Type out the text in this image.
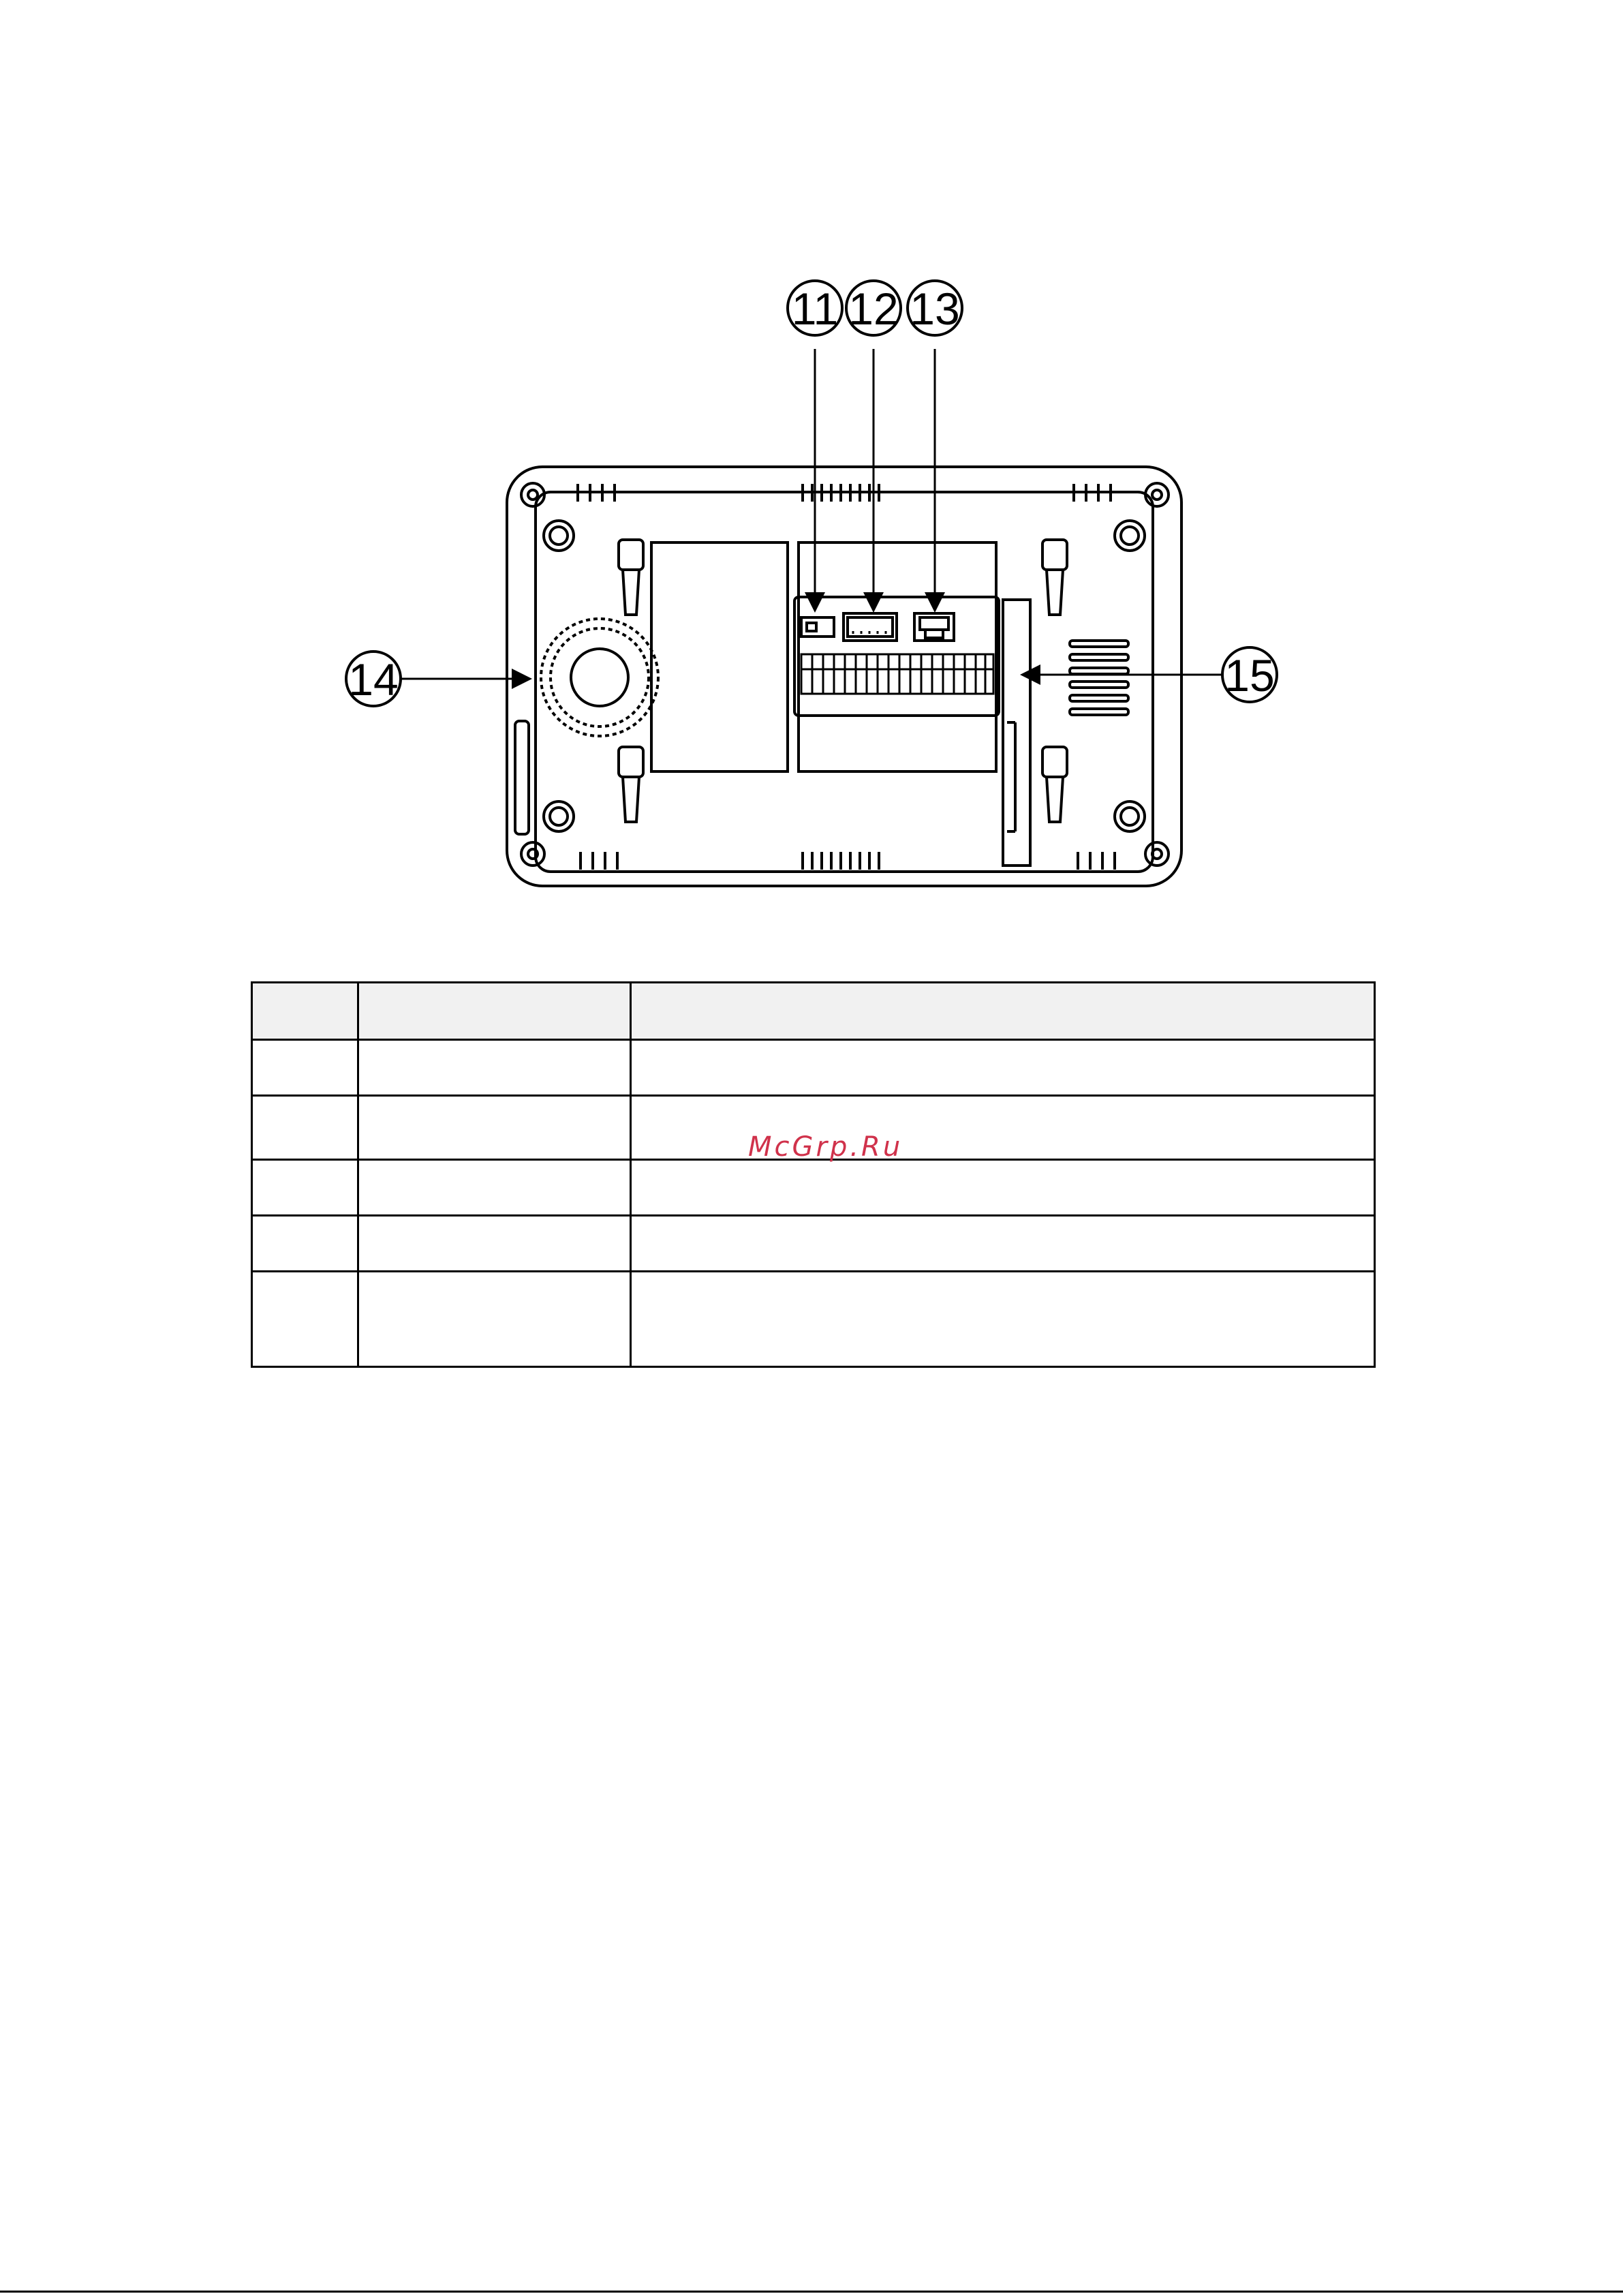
11 12 13
14	15

McGrp.Ru
